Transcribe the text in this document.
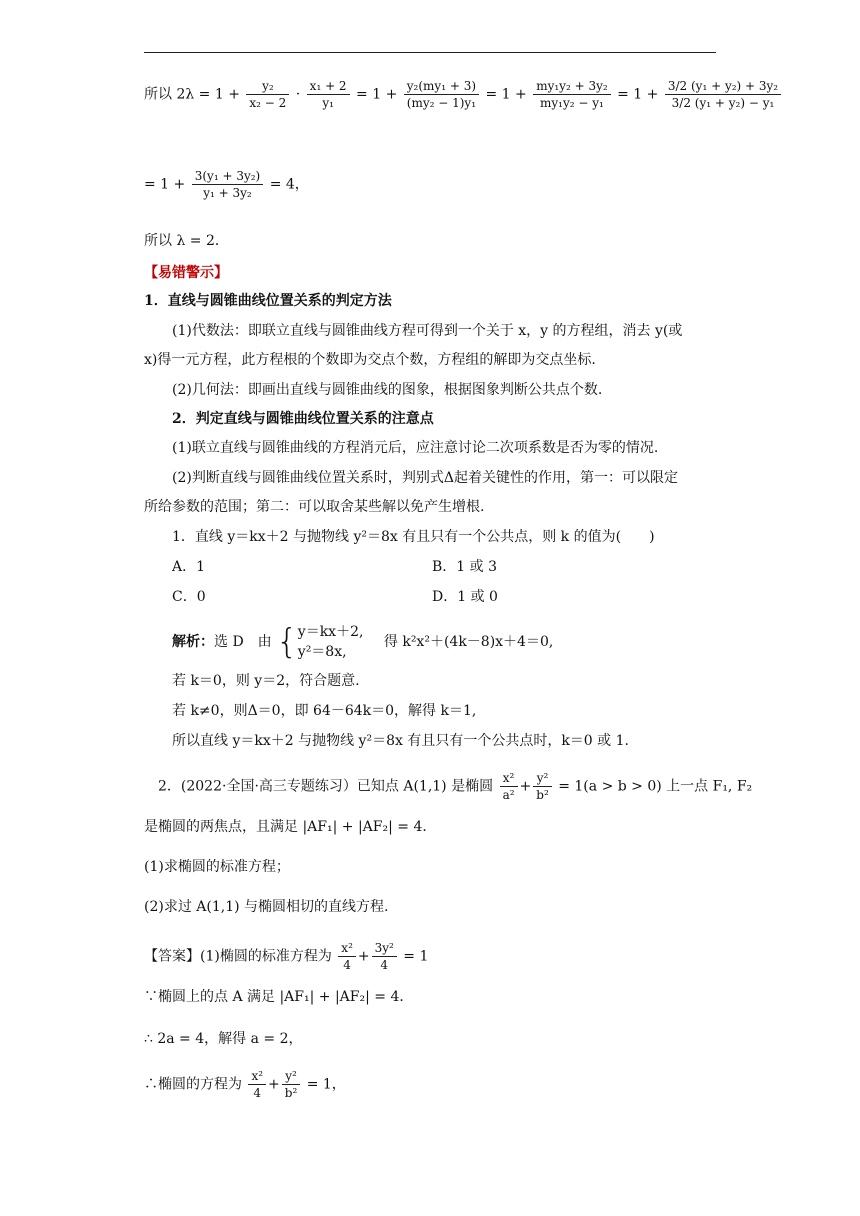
所以 $2\lambda = 1 + \frac{\text{y₂}}{\text{x₂ − 2}} \cdot \frac{\text{x₁ + 2}}{\text{y₁}} = 1 + \frac{\text{y₂(my₁ + 3)}}{\text{(my₂ − 1)y₁}} = 1 + \frac{\text{my₁y₂ + 3y₂}}{\text{my₁y₂ − y₁}} = 1 + \frac{\text{3/2 (y₁ + y₂) + 3y₂}}{\text{3/2 (y₁ + y₂) − y₁}}$
= $1 + \frac{\text{3(y₁ + 3y₂)}}{\text{y₁ + 3y₂}} = 4$，
所以 λ = 2．
【易错警示】
1．直线与圆锥曲线位置关系的判定方法
(1)代数法：即联立直线与圆锥曲线方程可得到一个关于 x，y 的方程组，消去 y(或
x)得一元方程，此方程根的个数即为交点个数，方程组的解即为交点坐标.
(2)几何法：即画出直线与圆锥曲线的图象，根据图象判断公共点个数.
2．判定直线与圆锥曲线位置关系的注意点
(1)联立直线与圆锥曲线的方程消元后，应注意讨论二次项系数是否为零的情况.
(2)判断直线与圆锥曲线位置关系时，判别式Δ起着关键性的作用，第一：可以限定
所给参数的范围；第二：可以取舍某些解以免产生增根.
1．直线 y＝kx＋2 与抛物线 y²＝8x 有且只有一个公共点，则 k 的值为(　　)
A．1	B．1 或 3
C．0	D．1 或 0
解析：选 D　由 { y＝kx＋2,
y²＝8x,
得 k²x²＋(4k－8)x＋4＝0,
若 k＝0，则 y＝2，符合题意.
若 k≠0，则Δ＝0，即 64－64k＝0，解得 k＝1,
所以直线 y＝kx＋2 与抛物线 y²＝8x 有且只有一个公共点时，k＝0 或 1.
2．(2022·全国·高三专题练习）已知点 A(1,1) 是椭圆 $\frac{\text{x²}}{\text{a²}} + \frac{\text{y²}}{\text{b²}} = 1(a > b > 0)$ 上一点 F₁, F₂
是椭圆的两焦点，且满足 |AF₁| + |AF₂| = 4．
(1)求椭圆的标准方程；
(2)求过 A(1,1) 与椭圆相切的直线方程.
【答案】(1)椭圆的标准方程为 $\frac{\text{x²}}{4} + \frac{\text{3y²}}{4} = 1$
∵椭圆上的点 A 满足 |AF₁| + |AF₂| = 4．
∴ 2a = 4，解得 a = 2，
∴椭圆的方程为 $\frac{\text{x²}}{4} + \frac{\text{y²}}{\text{b²}} = 1$，
